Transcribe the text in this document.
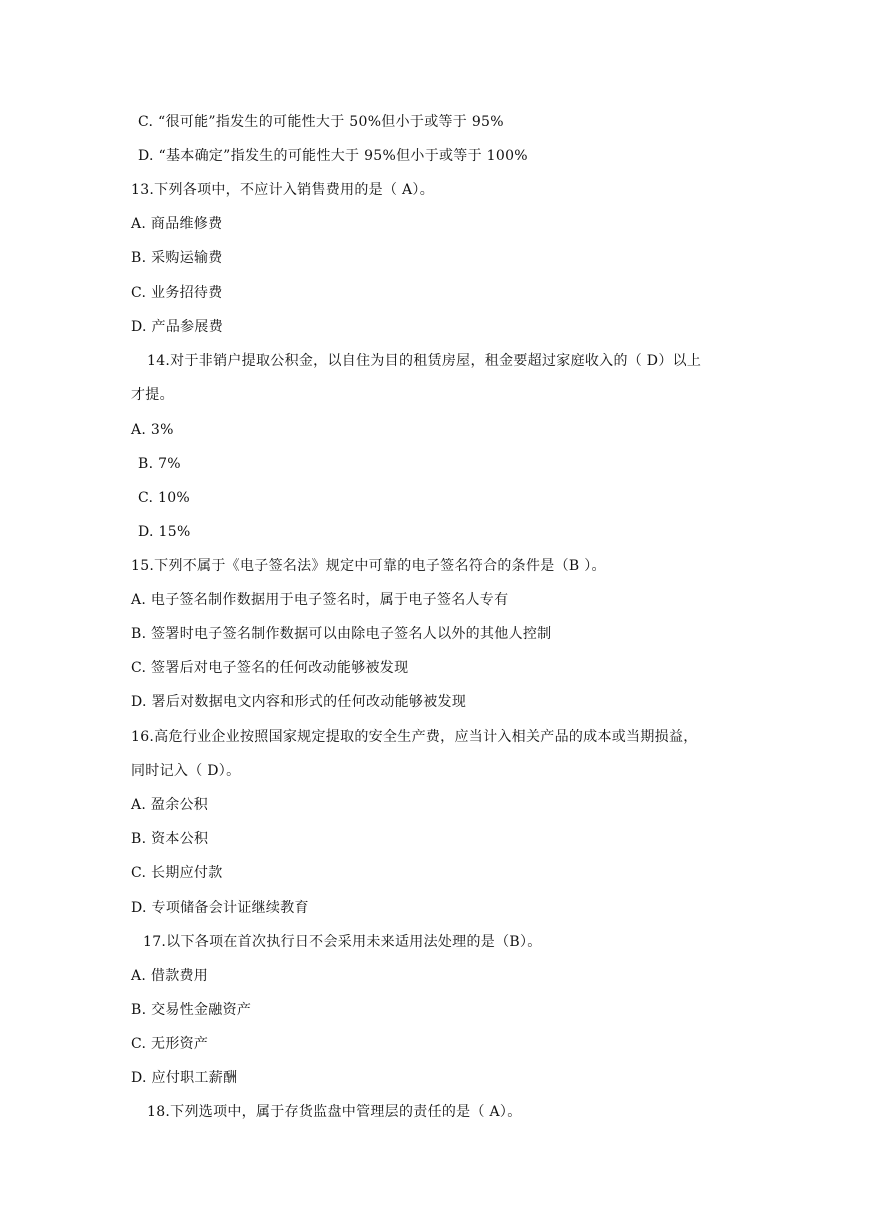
C. “很可能”指发生的可能性大于 50%但小于或等于 95%
D. “基本确定”指发生的可能性大于 95%但小于或等于 100%
13.下列各项中，不应计入销售费用的是（ A）。
A. 商品维修费
B. 采购运输费
C. 业务招待费
D. 产品参展费
14.对于非销户提取公积金，以自住为目的租赁房屋，租金要超过家庭收入的（ D）以上
才提。
A. 3%
B. 7%
C. 10%
D. 15%
15.下列不属于《电子签名法》规定中可靠的电子签名符合的条件是（B ）。
A. 电子签名制作数据用于电子签名时，属于电子签名人专有
B. 签署时电子签名制作数据可以由除电子签名人以外的其他人控制
C. 签署后对电子签名的任何改动能够被发现
D. 署后对数据电文内容和形式的任何改动能够被发现
16.高危行业企业按照国家规定提取的安全生产费，应当计入相关产品的成本或当期损益，
同时记入（ D）。
A. 盈余公积
B. 资本公积
C. 长期应付款
D. 专项储备会计证继续教育
17.以下各项在首次执行日不会采用未来适用法处理的是（B）。
A. 借款费用
B. 交易性金融资产
C. 无形资产
D. 应付职工薪酬
18.下列选项中，属于存货监盘中管理层的责任的是（ A）。
